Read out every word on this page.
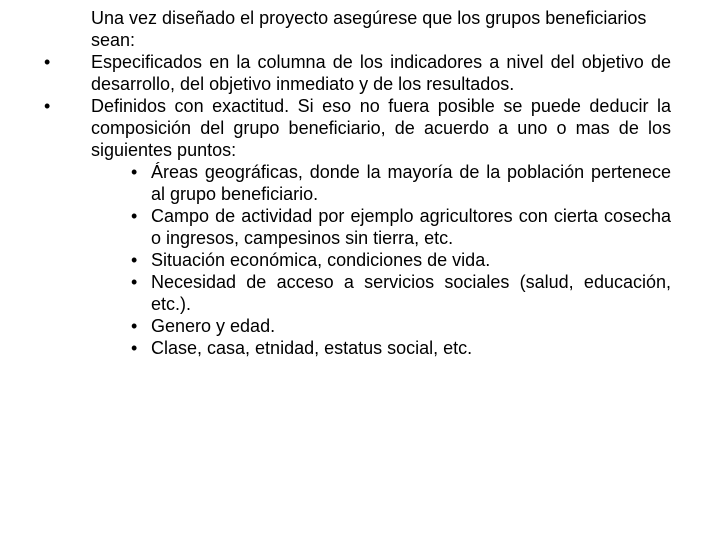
Una vez diseñado el proyecto asegúrese que los grupos beneficiarios sean:

• Especificados en la columna de los indicadores a nivel del objetivo de desarrollo, del objetivo inmediato y de los resultados.
• Definidos con exactitud. Si eso no fuera posible se puede deducir la composición del grupo beneficiario, de acuerdo a uno o mas de los siguientes puntos:
• Áreas geográficas, donde la mayoría de la población pertenece al grupo beneficiario.
• Campo de actividad por ejemplo agricultores con cierta cosecha o ingresos, campesinos sin tierra, etc.
• Situación económica, condiciones de vida.
• Necesidad de acceso a servicios sociales (salud, educación, etc.).
• Genero y edad.
• Clase, casa, etnidad, estatus social, etc.
